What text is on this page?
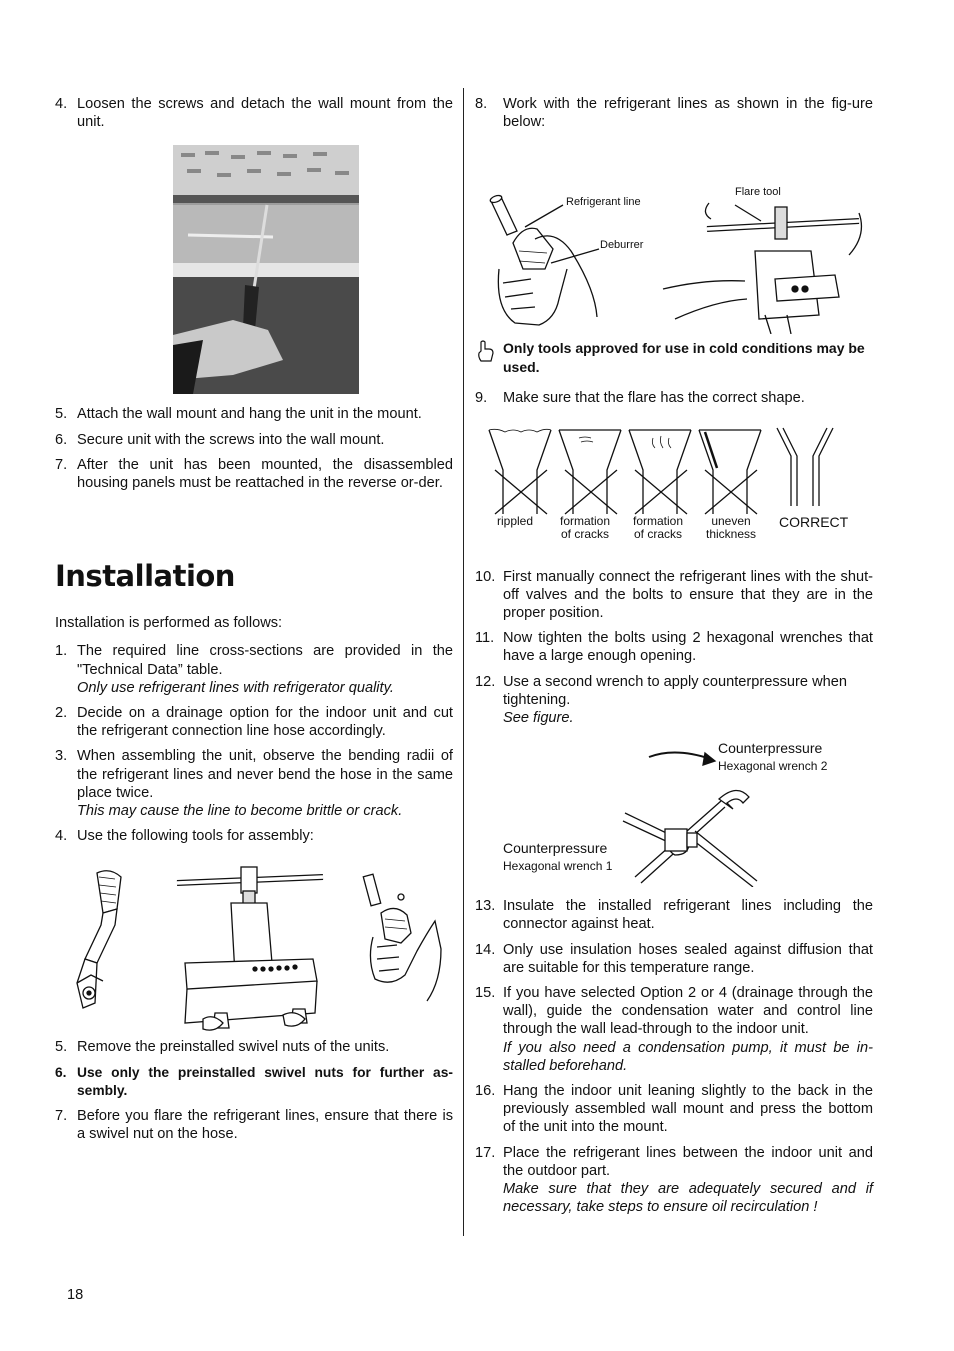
4. Loosen the screws and detach the wall mount from the unit.
5. Attach the wall mount and hang the unit in the mount.
6. Secure unit with the screws into the wall mount.
7. After the unit has been mounted, the disassembled housing panels must be reattached in the reverse or-der.
Installation

Installation is performed as follows:

1. The required line cross-sections are provided in the "Technical Data” table.
Only use refrigerant lines with refrigerator quality.
2. Decide on a drainage option for the indoor unit and cut the refrigerant connection line hose accordingly.
3. When assembling the unit, observe the bending radii of the refrigerant lines and never bend the hose in the same place twice.
This may cause the line to become brittle or crack.
4. Use the following tools for assembly:
5. Remove the preinstalled swivel nuts of the units.
6. Use only the preinstalled swivel nuts for further as-sembly.
7. Before you flare the refrigerant lines, ensure that there is a swivel nut on the hose.
8.	Work with the refrigerant lines as shown in the fig-ure below:
Refrigerant line
Deburrer
Flare tool
Only tools approved for use in cold conditions may be used.
9.	Make sure that the flare has the correct shape.
rippled	formation
of cracks
formation
of cracks
uneven
thickness
CORRECT
10. First manually connect the refrigerant lines with the shut-off valves and the bolts to ensure that they are in the proper position.
11. Now tighten the bolts using 2 hexagonal wrenches that have a large enough opening.
12. Use a second wrench to apply counterpressure when tightening.
See figure.
Counterpressure
Hexagonal wrench 2
Counterpressure
Hexagonal wrench 1
13. Insulate the installed refrigerant lines including the connector against heat.
14. Only use insulation hoses sealed against diffusion that are suitable for this temperature range.
15. If you have selected Option 2 or 4 (drainage through the wall), guide the condensation water and control line through the wall lead-through to the indoor unit.
If you also need a condensation pump, it must be in-stalled beforehand.
16. Hang the indoor unit leaning slightly to the back in the previously assembled wall mount and press the bottom of the unit into the mount.
17. Place the refrigerant lines between the indoor unit and the outdoor part.
Make sure that they are adequately secured and if necessary, take steps to ensure oil recirculation !
18
